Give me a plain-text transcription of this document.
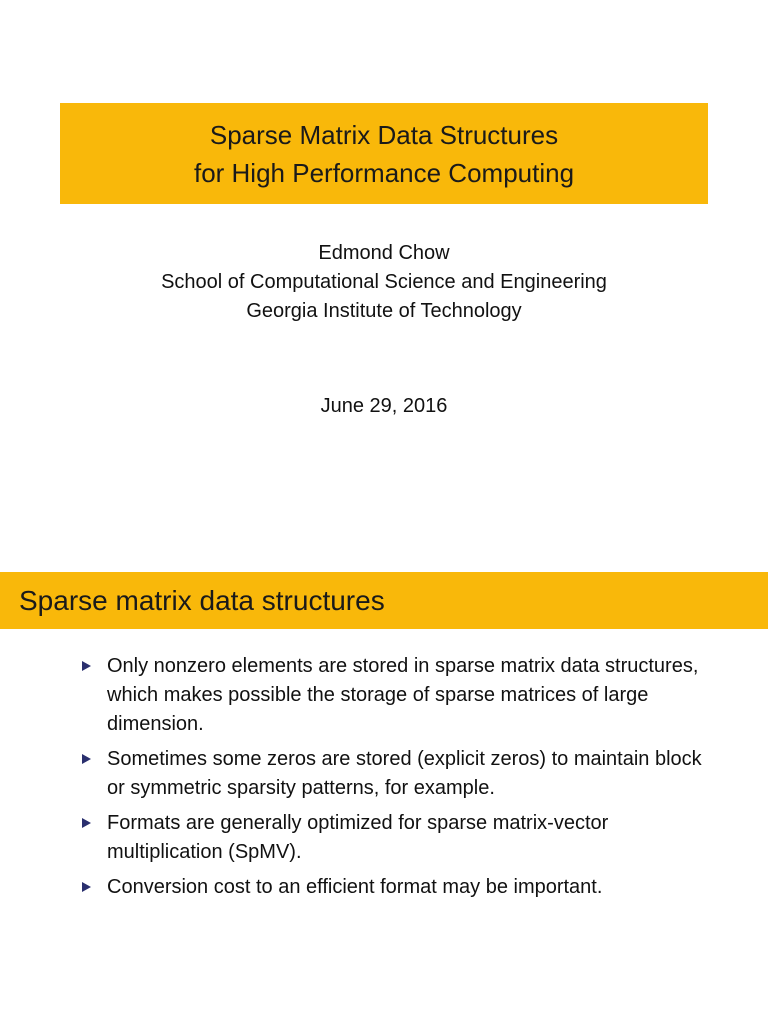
Sparse Matrix Data Structures
for High Performance Computing
Edmond Chow
School of Computational Science and Engineering
Georgia Institute of Technology
June 29, 2016
Sparse matrix data structures
Only nonzero elements are stored in sparse matrix data structures, which makes possible the storage of sparse matrices of large dimension.
Sometimes some zeros are stored (explicit zeros) to maintain block or symmetric sparsity patterns, for example.
Formats are generally optimized for sparse matrix-vector multiplication (SpMV).
Conversion cost to an efficient format may be important.
